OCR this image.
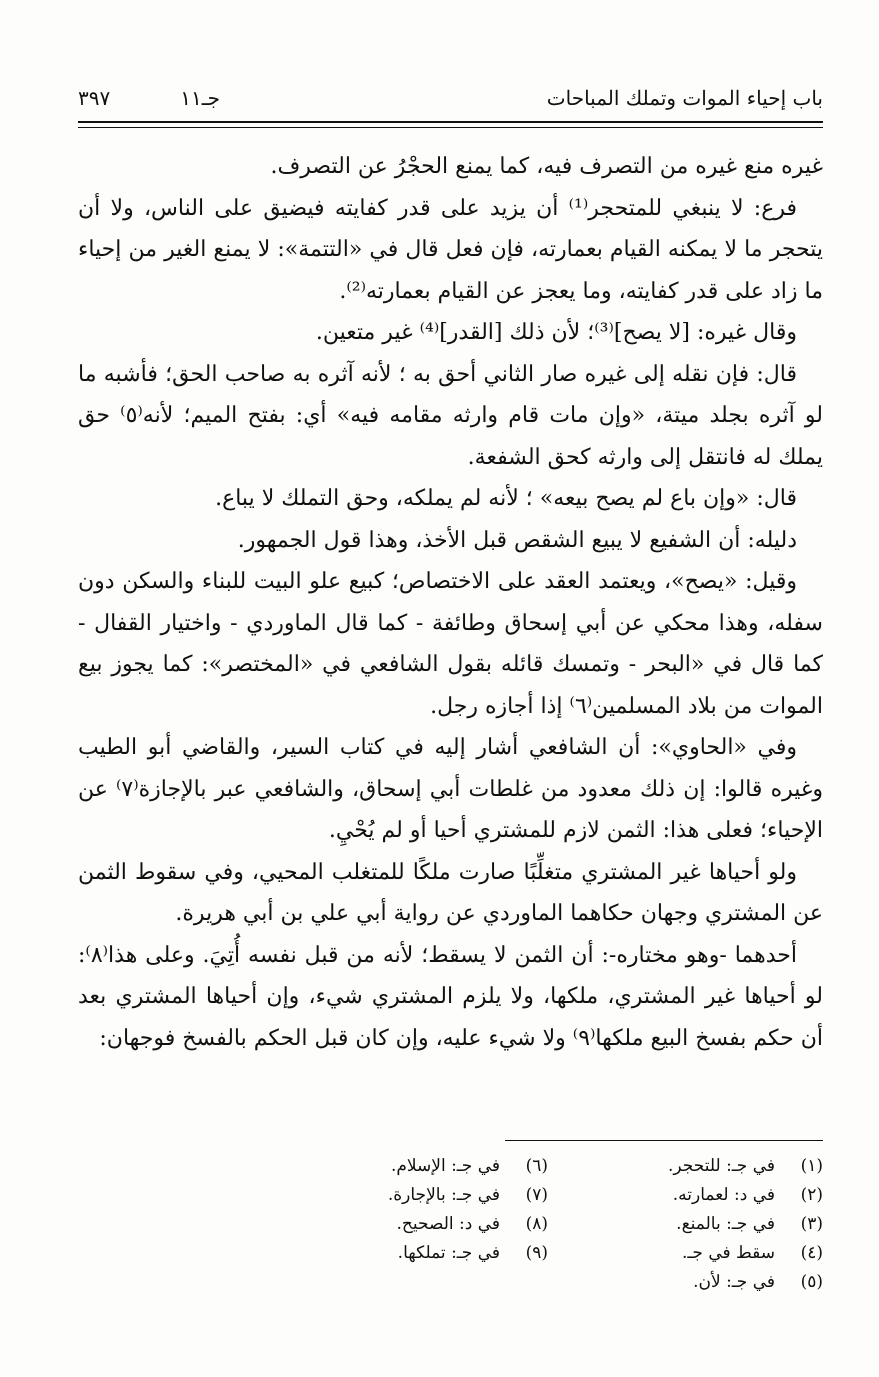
باب إحياء الموات وتملك المباحات
جـ١١
٣٩٧

غيره منع غيره من التصرف فيه، كما يمنع الحجْرُ عن التصرف.

فرع: لا ينبغي للمتحجر⁽¹⁾ أن يزيد على قدر كفايته فيضيق على الناس، ولا أن يتحجر ما لا يمكنه القيام بعمارته، فإن فعل قال في «التتمة»: لا يمنع الغير من إحياء ما زاد على قدر كفايته، وما يعجز عن القيام بعمارته⁽²⁾.

وقال غيره: [لا يصح]⁽³⁾؛ لأن ذلك [القدر]⁽⁴⁾ غير متعين.

قال: فإن نقله إلى غيره صار الثاني أحق به ؛ لأنه آثره به صاحب الحق؛ فأشبه ما لو آثره بجلد ميتة، «وإن مات قام وارثه مقامه فيه» أي: بفتح الميم؛ لأنه⁽٥⁾ حق يملك له فانتقل إلى وارثه كحق الشفعة.

قال: «وإن باع لم يصح بيعه» ؛ لأنه لم يملكه، وحق التملك لا يباع.

دليله: أن الشفيع لا يبيع الشقص قبل الأخذ، وهذا قول الجمهور.

وقيل: «يصح»، ويعتمد العقد على الاختصاص؛ كبيع علو البيت للبناء والسكن دون سفله، وهذا محكي عن أبي إسحاق وطائفة - كما قال الماوردي - واختيار القفال - كما قال في «البحر - وتمسك قائله بقول الشافعي في «المختصر»: كما يجوز بيع الموات من بلاد المسلمين⁽٦⁾ إذا أجازه رجل.

وفي «الحاوي»: أن الشافعي أشار إليه في كتاب السير، والقاضي أبو الطيب وغيره قالوا: إن ذلك معدود من غلطات أبي إسحاق، والشافعي عبر بالإجازة⁽٧⁾ عن الإحياء؛ فعلى هذا: الثمن لازم للمشتري أحيا أو لم يُحْيِ.

ولو أحياها غير المشتري متغلِّبًا صارت ملكًا للمتغلب المحيي، وفي سقوط الثمن عن المشتري وجهان حكاهما الماوردي عن رواية أبي علي بن أبي هريرة.

أحدهما -وهو مختاره-: أن الثمن لا يسقط؛ لأنه من قبل نفسه أُتِيَ. وعلى هذا⁽٨⁾: لو أحياها غير المشتري، ملكها، ولا يلزم المشتري شيء، وإن أحياها المشتري بعد أن حكم بفسخ البيع ملكها⁽٩⁾ ولا شيء عليه، وإن كان قبل الحكم بالفسخ فوجهان:

(١)في جـ: للتحجر.
(٢)في د: لعمارته.
(٣)في جـ: بالمنع.
(٤)سقط في جـ.
(٥)في جـ: لأن.
(٦)في جـ: الإسلام.
(٧)في جـ: بالإجارة.
(٨)في د: الصحيح.
(٩)في جـ: تملكها.
